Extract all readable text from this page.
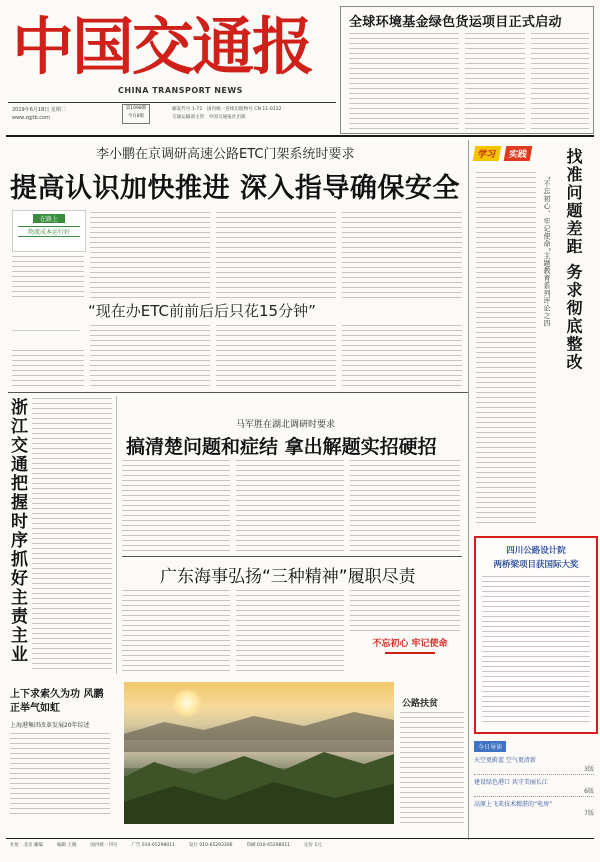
中国交通报
CHINA TRANSPORT NEWS
2019年6月18日 星期二
www.zgjtb.com
第1098期
今日8版
邮发代号 1-72　 国内统一连续出版物号 CN 11-0122
交通运输部主管　 中国交通报社出版
全球环境基金绿色货运项目正式启动
李小鹏在京调研高速公路ETC门架系统时要求
提高认识加快推进 深入指导确保安全
在路上
物流成本运行好
“现在办ETC前前后后只花15分钟”
浙江交通把握时序抓好主责主业	马军胜在湖北调研时要求
搞清楚问题和症结 拿出解题实招硬招
广东海事弘扬“三种精神”履职尽责
不忘初心 牢记使命
上下求索久为功 风鹏正举气如虹
上海港集团改革发展20年综述
公路扶贫
学习 实践	找准问题差距 务求彻底整改
“不忘初心、牢记使命”主题教育系列评论之四
四川公路设计院
两桥梁项目获国际大奖
今日导读
天空更蔚蓝 空气更清新
3版
建设绿色港口 共守美丽长江
6版
高原上飞来技术精湛的“电房”
7版
社址：北京 邮编	编辑 王晓	国内统一刊号	广告 010-65298011	发行 010-65293306	印刷 010-65298011	定价 1元
